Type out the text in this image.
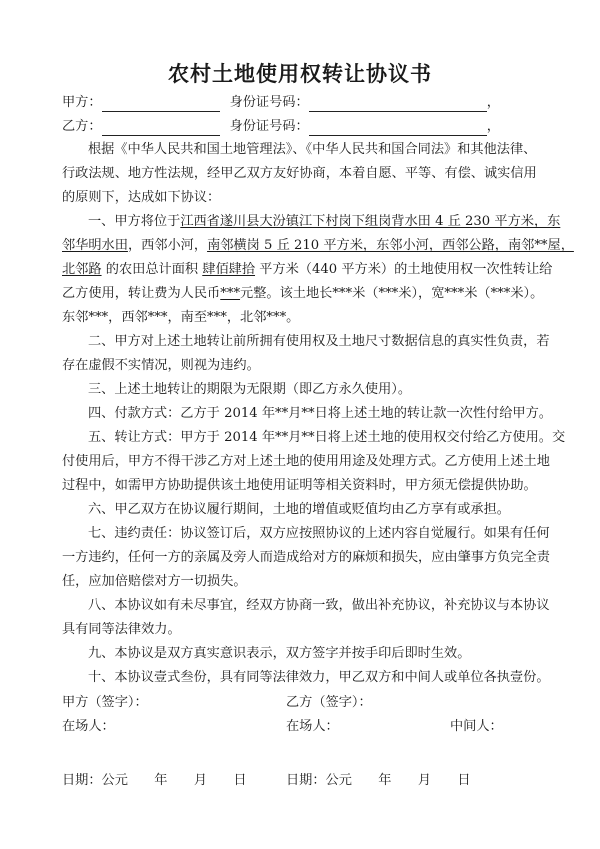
农村土地使用权转让协议书
甲方：	身份证号码：	，
乙方：	身份证号码：	，
根据《中华人民共和国土地管理法》、《中华人民共和国合同法》和其他法律、
行政法规、地方性法规，经甲乙双方友好协商，本着自愿、平等、有偿、诚实信用
的原则下，达成如下协议：
一、甲方将位于江西省遂川县大汾镇江下村岗下组岗背水田 4 丘 230 平方米，东
邻华明水田，西邻小河，南邻横岗 5 丘 210 平方米，东邻小河，西邻公路，南邻**屋，
北邻路 的农田总计面积 肆佰肆拾 平方米（440 平方米）的土地使用权一次性转让给
乙方使用，转让费为人民币***元整。该土地长***米（***米），宽***米（***米）。
东邻***，西邻***，南至***，北邻***。
二、甲方对上述土地转让前所拥有使用权及土地尺寸数据信息的真实性负责，若
存在虚假不实情况，则视为违约。
三、上述土地转让的期限为无限期（即乙方永久使用）。
四、付款方式：乙方于 2014 年**月**日将上述土地的转让款一次性付给甲方。
五、转让方式：甲方于 2014 年**月**日将上述土地的使用权交付给乙方使用。交
付使用后，甲方不得干涉乙方对上述土地的使用用途及处理方式。乙方使用上述土地
过程中，如需甲方协助提供该土地使用证明等相关资料时，甲方须无偿提供协助。
六、甲乙双方在协议履行期间，土地的增值或贬值均由乙方享有或承担。
七、违约责任：协议签订后，双方应按照协议的上述内容自觉履行。如果有任何
一方违约，任何一方的亲属及旁人而造成给对方的麻烦和损失，应由肇事方负完全责
任，应加倍赔偿对方一切损失。
八、本协议如有未尽事宜，经双方协商一致，做出补充协议，补充协议与本协议
具有同等法律效力。
九、本协议是双方真实意识表示，双方签字并按手印后即时生效。
十、本协议壹式叁份，具有同等法律效力，甲乙双方和中间人或单位各执壹份。
甲方（签字）：	乙方（签字）：
在场人：	在场人：	中间人：
日期：公元　　年　　月　　日	日期：公元　　年　　月　　日
